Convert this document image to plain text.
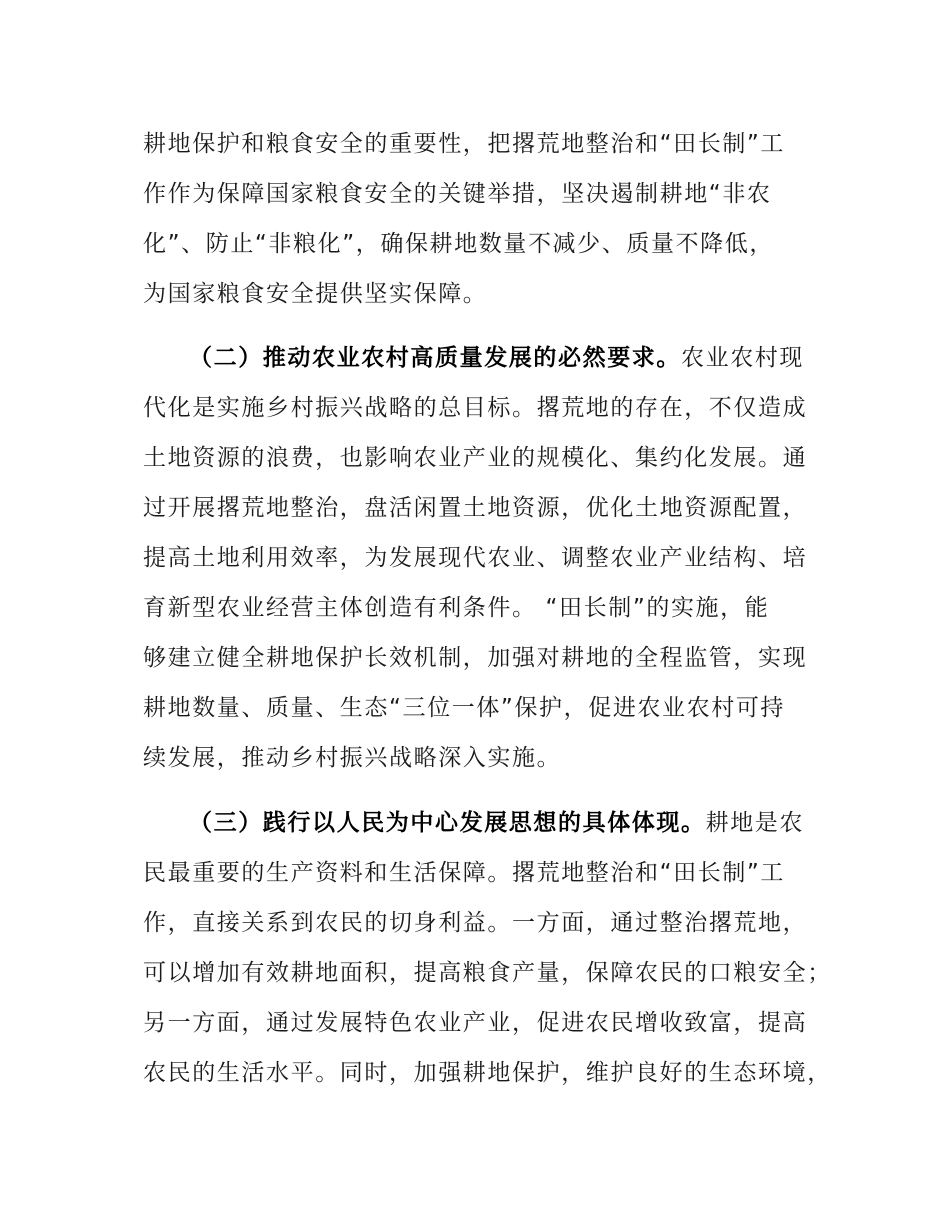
耕地保护和粮食安全的重要性，把撂荒地整治和“田长制”工
作作为保障国家粮食安全的关键举措，坚决遏制耕地“非农
化”、防止“非粮化”，确保耕地数量不减少、质量不降低，
为国家粮食安全提供坚实保障。
（二）推动农业农村高质量发展的必然要求。农业农村现
代化是实施乡村振兴战略的总目标。撂荒地的存在，不仅造成
土地资源的浪费，也影响农业产业的规模化、集约化发展。通
过开展撂荒地整治，盘活闲置土地资源，优化土地资源配置，
提高土地利用效率，为发展现代农业、调整农业产业结构、培
育新型农业经营主体创造有利条件。 “田长制”的实施，能
够建立健全耕地保护长效机制，加强对耕地的全程监管，实现
耕地数量、质量、生态“三位一体”保护，促进农业农村可持
续发展，推动乡村振兴战略深入实施。
（三）践行以人民为中心发展思想的具体体现。耕地是农
民最重要的生产资料和生活保障。撂荒地整治和“田长制”工
作，直接关系到农民的切身利益。一方面，通过整治撂荒地，
可以增加有效耕地面积，提高粮食产量，保障农民的口粮安全；
另一方面，通过发展特色农业产业，促进农民增收致富，提高
农民的生活水平。同时，加强耕地保护，维护良好的生态环境，
